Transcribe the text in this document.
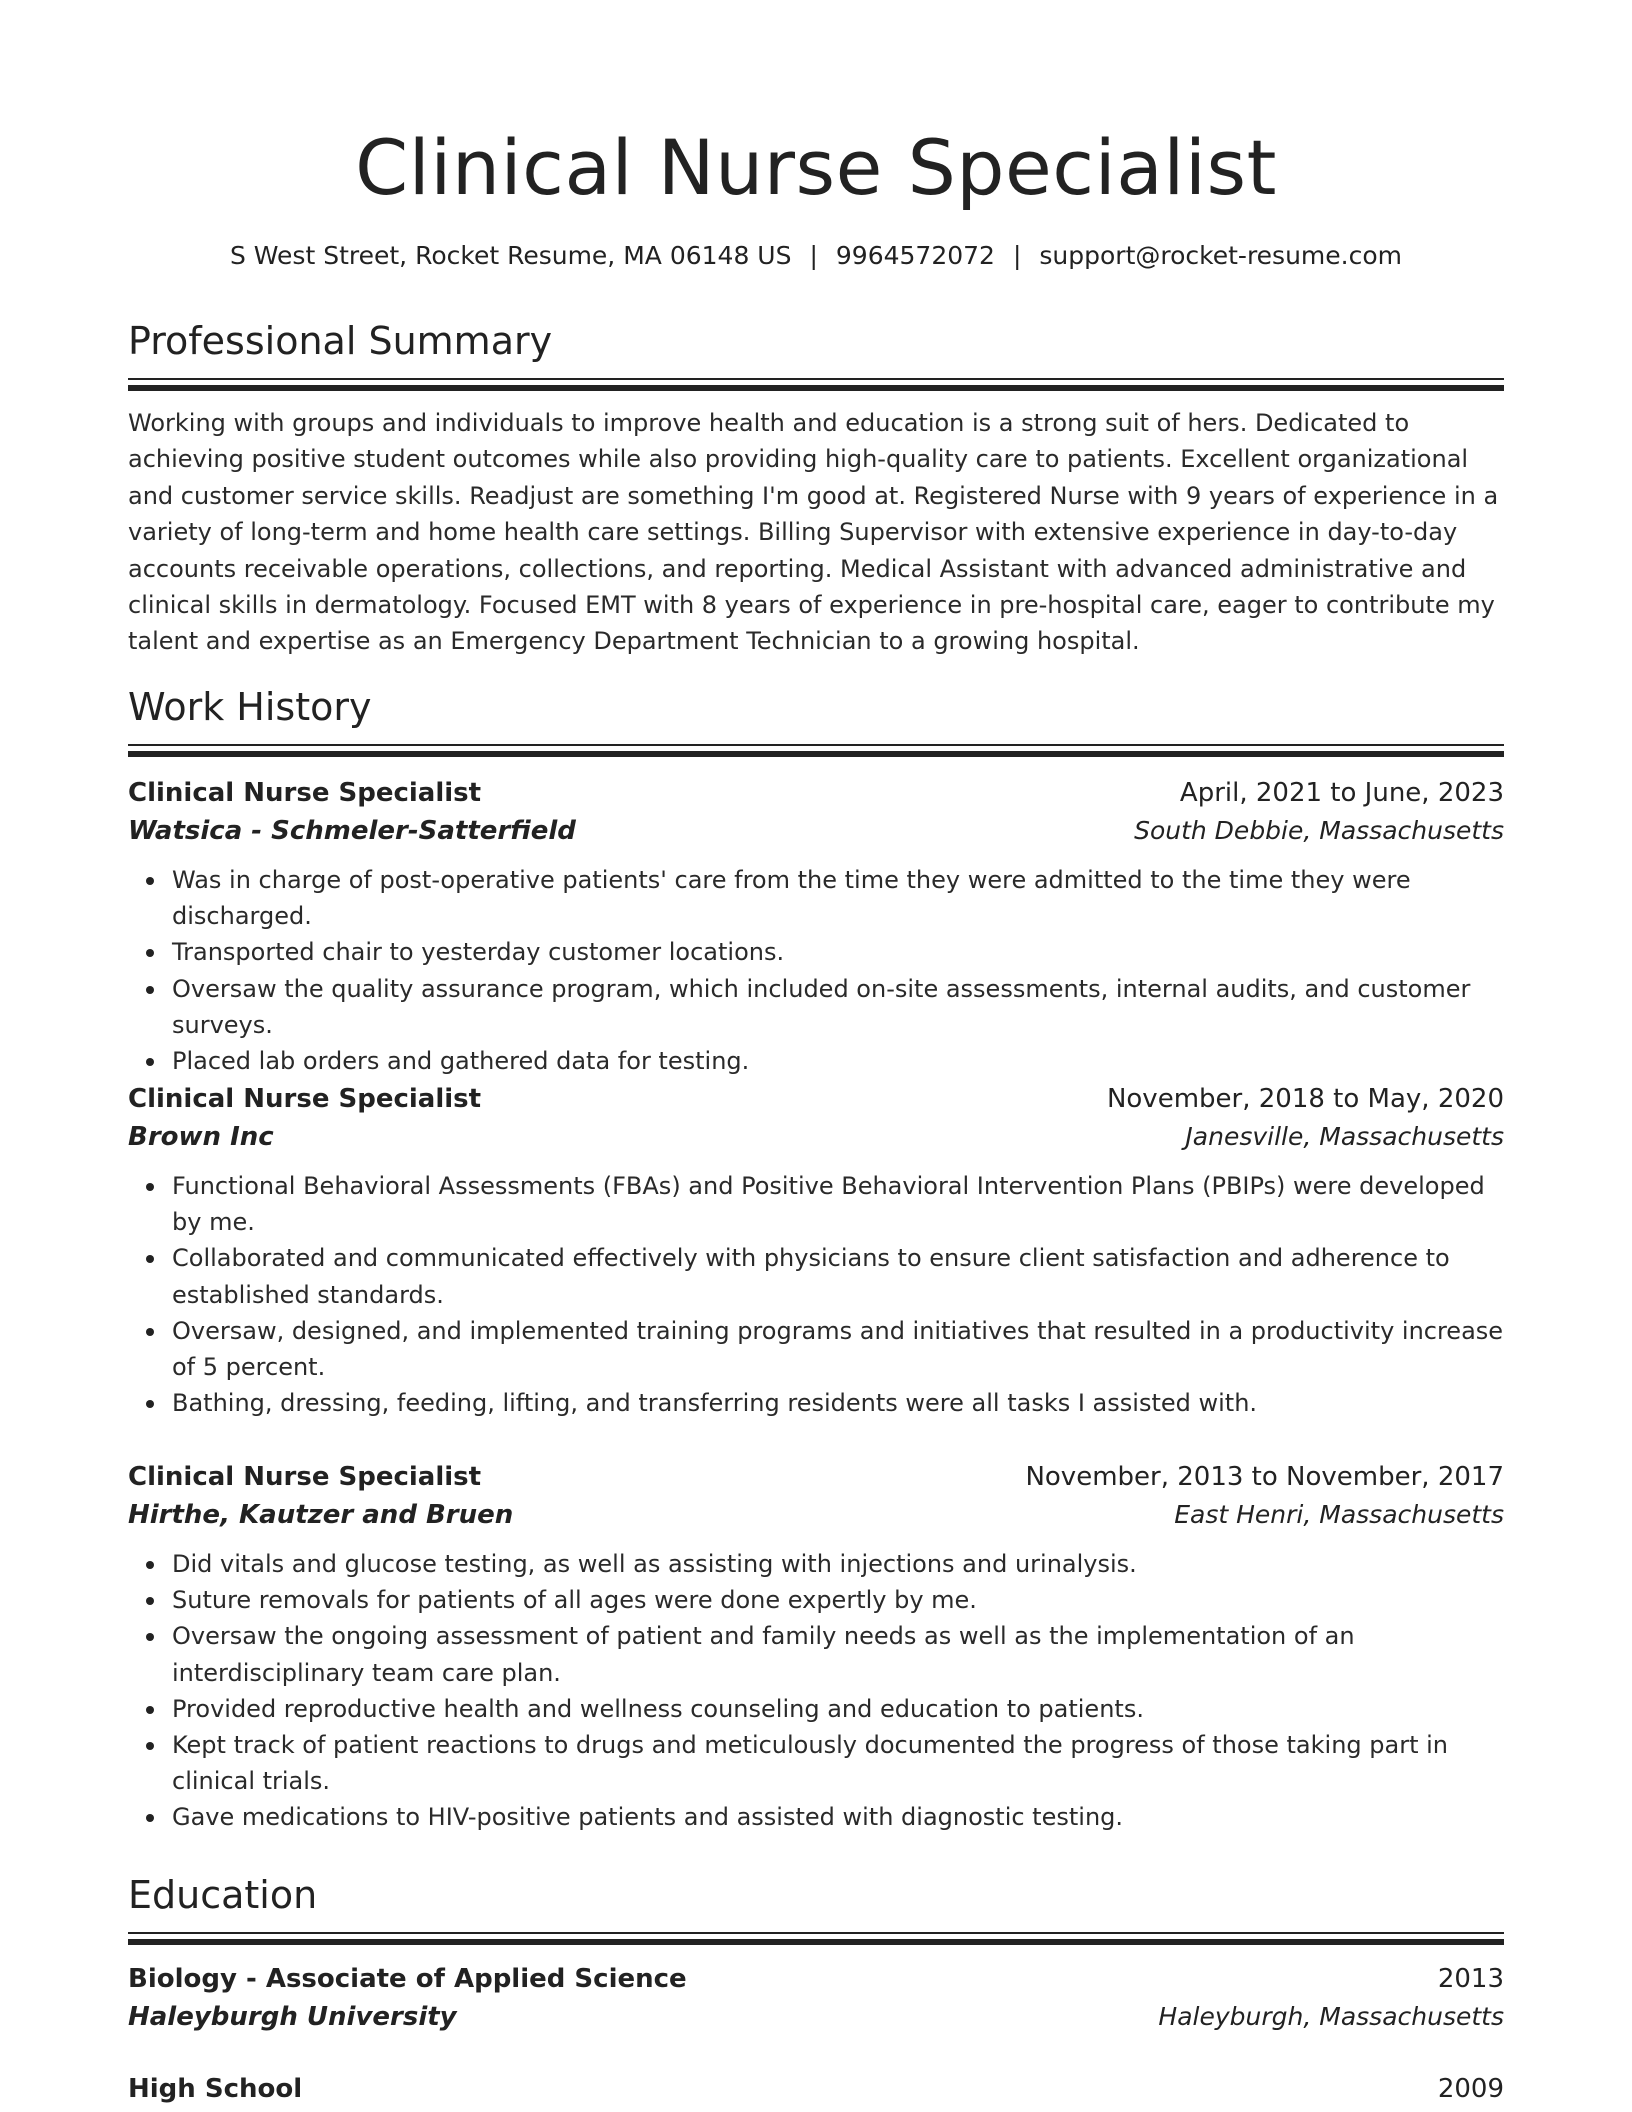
Clinical Nurse Specialist
S West Street, Rocket Resume, MA 06148 US | 9964572072 | support@rocket-resume.com
Professional Summary
Working with groups and individuals to improve health and education is a strong suit of hers. Dedicated to achieving positive student outcomes while also providing high-quality care to patients. Excellent organizational and customer service skills. Readjust are something I'm good at. Registered Nurse with 9 years of experience in a variety of long-term and home health care settings. Billing Supervisor with extensive experience in day-to-day accounts receivable operations, collections, and reporting. Medical Assistant with advanced administrative and clinical skills in dermatology. Focused EMT with 8 years of experience in pre-hospital care, eager to contribute my talent and expertise as an Emergency Department Technician to a growing hospital.
Work History
Clinical Nurse Specialist	April, 2021 to June, 2023
Watsica - Schmeler-Satterfield	South Debbie, Massachusetts
Was in charge of post-operative patients' care from the time they were admitted to the time they were discharged.
Transported chair to yesterday customer locations.
Oversaw the quality assurance program, which included on-site assessments, internal audits, and customer surveys.
Placed lab orders and gathered data for testing.
Clinical Nurse Specialist	November, 2018 to May, 2020
Brown Inc	Janesville, Massachusetts
Functional Behavioral Assessments (FBAs) and Positive Behavioral Intervention Plans (PBIPs) were developed by me.
Collaborated and communicated effectively with physicians to ensure client satisfaction and adherence to established standards.
Oversaw, designed, and implemented training programs and initiatives that resulted in a productivity increase of 5 percent.
Bathing, dressing, feeding, lifting, and transferring residents were all tasks I assisted with.
Clinical Nurse Specialist	November, 2013 to November, 2017
Hirthe, Kautzer and Bruen	East Henri, Massachusetts
Did vitals and glucose testing, as well as assisting with injections and urinalysis.
Suture removals for patients of all ages were done expertly by me.
Oversaw the ongoing assessment of patient and family needs as well as the implementation of an interdisciplinary team care plan.
Provided reproductive health and wellness counseling and education to patients.
Kept track of patient reactions to drugs and meticulously documented the progress of those taking part in clinical trials.
Gave medications to HIV-positive patients and assisted with diagnostic testing.
Education
Biology - Associate of Applied Science	2013
Haleyburgh University	Haleyburgh, Massachusetts
High School	2009
